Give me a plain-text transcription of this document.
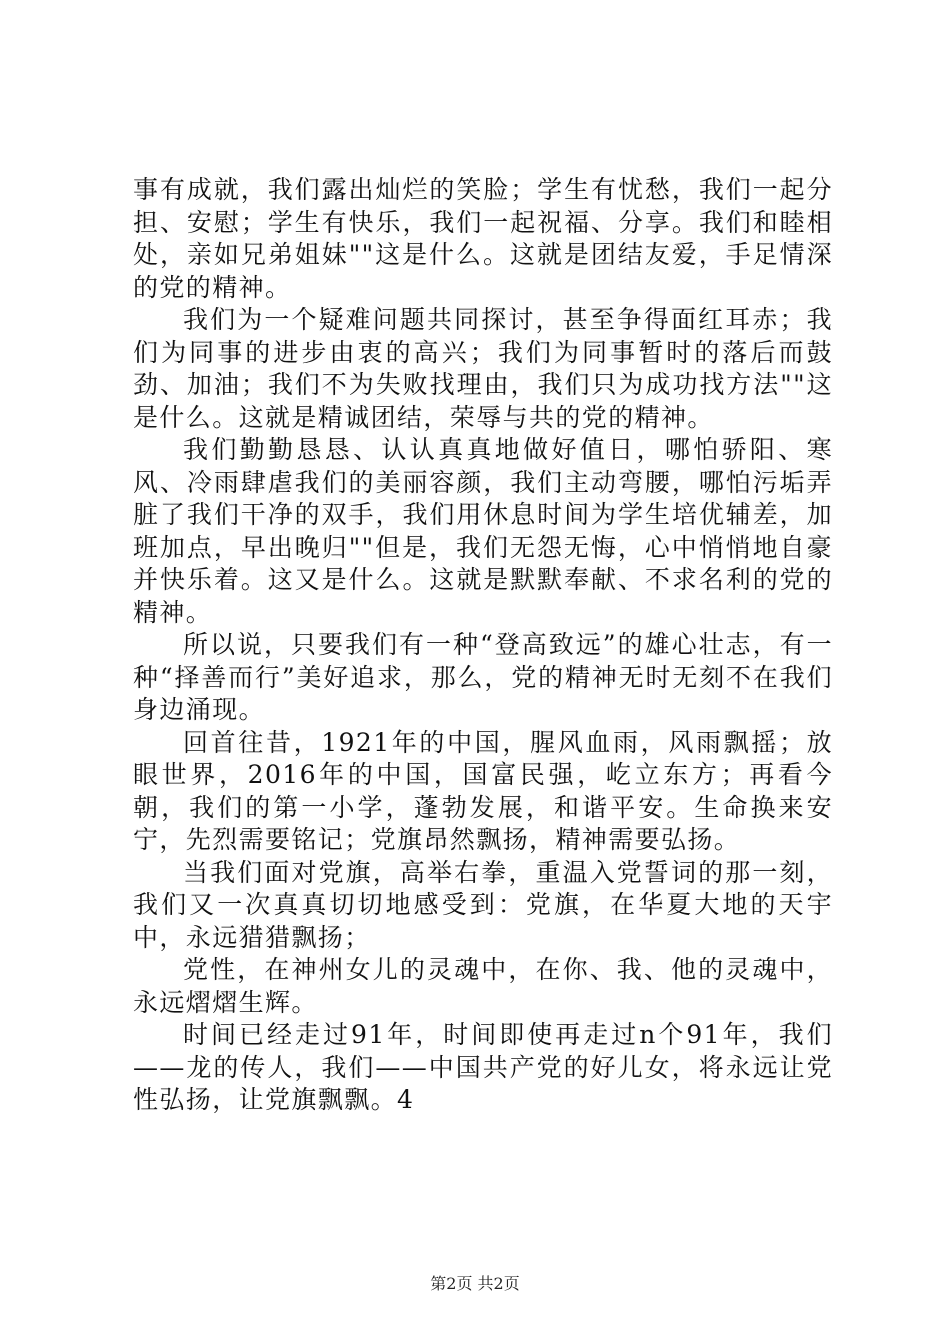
事有成就，我们露出灿烂的笑脸；学生有忧愁，我们一起分担、安慰；学生有快乐，我们一起祝福、分享。我们和睦相处，亲如兄弟姐妹""这是什么。这就是团结友爱，手足情深的党的精神。

我们为一个疑难问题共同探讨，甚至争得面红耳赤；我们为同事的进步由衷的高兴；我们为同事暂时的落后而鼓劲、加油；我们不为失败找理由，我们只为成功找方法""这是什么。这就是精诚团结，荣辱与共的党的精神。

我们勤勤恳恳、认认真真地做好值日，哪怕骄阳、寒风、冷雨肆虐我们的美丽容颜，我们主动弯腰，哪怕污垢弄脏了我们干净的双手，我们用休息时间为学生培优辅差，加班加点，早出晚归""但是，我们无怨无悔，心中悄悄地自豪并快乐着。这又是什么。这就是默默奉献、不求名利的党的精神。

所以说，只要我们有一种“登高致远”的雄心壮志，有一种“择善而行”美好追求，那么，党的精神无时无刻不在我们身边涌现。

回首往昔，1921年的中国，腥风血雨，风雨飘摇；放眼世界，2016年的中国，国富民强，屹立东方；再看今朝，我们的第一小学，蓬勃发展，和谐平安。生命换来安宁，先烈需要铭记；党旗昂然飘扬，精神需要弘扬。

当我们面对党旗，高举右拳，重温入党誓词的那一刻，我们又一次真真切切地感受到：党旗，在华夏大地的天宇中，永远猎猎飘扬；

党性，在神州女儿的灵魂中，在你、我、他的灵魂中，永远熠熠生辉。

时间已经走过91年，时间即使再走过n个91年，我们——龙的传人，我们——中国共产党的好儿女，将永远让党性弘扬，让党旗飘飘。4

第2页 共2页
